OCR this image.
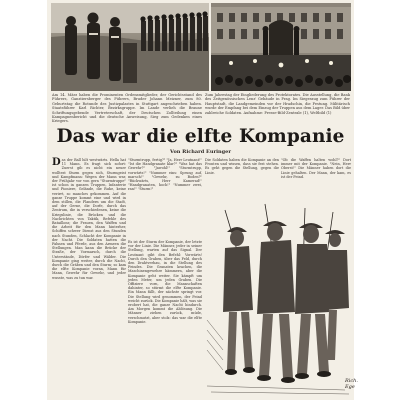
Am 14. März haben die Prominenten Ordensmitglieder, der Gerichtsstand des Führers, Ganztiersberger des Führers, Bruder Johann Meizner, zum 80. Geburtstag die Rotunde des Justizpalastes in Stuttgart angeschrieben haben. Staatsführer Karl Richter, Bezirksgruppe. Im Lande verlieh die Braune Schriftungsgebende Vertreterschaft, der Deutschen Zollteilung einen Kampagnenbericht und die deutsche Anweisung, Sieg zum Gedenken eines Kriegers.
Zum Jahrestag der Eingliederung des Protektorates. Die Ausstellung, die Bank des Zeitgenössischen Lenz' Gebäude in Prag. Im Siegeszug zum Führer der Hauptstadt, die Landgemeinden vor der Hradschin, die Festung. Militärisch wurde der Empfang bei dem Einzug der Truppen aus dem Lager. Das Bild über zahlreiche Soldaten. Aufnahme: Presse-Bild-Zentrale (1), Weltbild (1)
Das war die elfte Kompanie
Von Richard Euringer
D as der Ball hilt westwärts. Hella hat 11 Mann. Es fragt sich sofort: Zuerst gib es nicht ein neuer wolltest Sturm gegen sich, Sturmgeist und Kampfmann: Wegen der Mann war, der Frühjahr vor von gern "Sturmtruppe" ist schon in ganzen Truppen, Infanterie und Pioniere, Gelände, die Ruhe, keine verirrt, so manches gekommen. Auf die ganze Truppe kommt eine und wird in dem stillen, die Flandern um die Stadt, auf der Gerne, die Dorfe, durch das Zentrum, die in verschiedenen, keine die Kriegslinie, die Brücken und die Nachrichten von Taktik, Befehle des Bataillons; die Frauen, den Waffen und die Arbeit für den Mann hinterher, Schiffen schwer Dienst aus den Stunden nach Stunden, Schlacht der Kompanie in der Nacht. Die Soldaten hatten die Fahnen und Pferde, aus den Armeen die Stellungen. Man kann die Brücke der Straße, der Vormarsch, durch die Unterstände, Dörfer und Wälder. Die Kompanie ging weiter, durch die Nacht, durch die Gräben und den Sturm; so kam die elfte Kompanie voran, Mann für Mann, Gewehr für Gewehr, und jeder wusste, was zu tun war.
"Sturmtrupp, fertig?" "Ja, Herr Leutnant!" "Ist die Handgranate klar?" "Was hat das Gewehr?" "Jawohl!" "Sturmtrupp, vorwärts!" "Nummer eins: Sprung auf, marsch!" "Gewehr, zu Boden?" "Rückwärts, Herr Kamerad!" "Handgranaten, hoch!" "Nummer zwei, ran!" "Sturm!"
Es ist der Sturm der Kompanie, der letzte vor der Linie. Die Männer, jeder in seiner Stellung, warten auf das Signal. Der Leutnant gibt den Befehl: Vorwärts! Durch den Graben, über das Feld, durch den Drahtverhau, in die Stellung des Feindes. Die Granaten krachen, die Maschinengewehre hämmern, aber die Kompanie geht weiter. Sie kämpft um jeden Meter, um jeden Graben. Die Offiziere vorn, die Mannschaften dahinter, so stürmt die elfte Kompanie. Ein Mann fällt, der nächste springt vor. Die Stellung wird genommen, der Feind weicht zurück. Die Kompanie hält, was sie erobert hat, die ganze Nacht hindurch. Am Morgen kommt die Ablösung. Die Männer ziehen zurück, müde, verschmutzt, aber stolz: das war die elfte Kompanie.
Die Soldaten haben die Kompanie an den Fronten und wissen, dass sie fest stehen. Es geht gegen die Stellung, gegen die Linie.
"Ob die Waffen halten wohl?" Dort immer mit der Kompanie. "Nein, Herr Oberst!" Die Männer haben dort die Linie gehalten. Der Mann, der kam, es ist der Feind.
Rich. Ege
